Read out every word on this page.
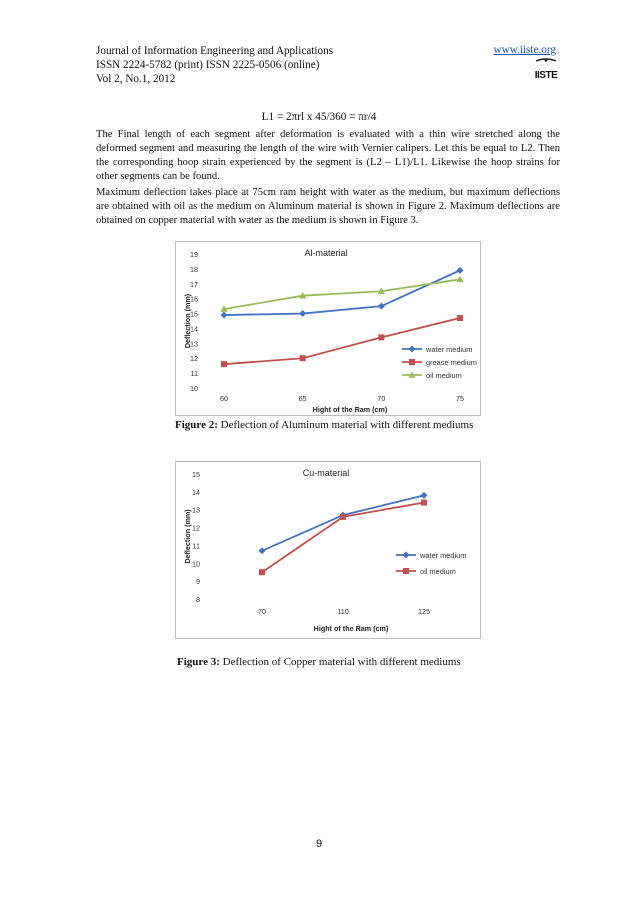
Journal of Information Engineering and Applications
ISSN 2224-5782 (print) ISSN 2225-0506 (online)
Vol 2, No.1, 2012
www.iiste.org
IISTE
L1 = 2πrl x 45/360 = πr/4
The Final length of each segment after deformation is evaluated with a thin wire stretched along the deformed segment and measuring the length of the wire with Vernier calipers. Let this be equal to L2. Then the corresponding hoop strain experienced by the segment is (L2 – L1)/L1. Likewise the hoop strains for other segments can be found.
Maximum deflection takes place at 75cm ram height with water as the medium, but maximum deflections are obtained with oil as the medium on Aluminum material is shown in Figure 2. Maximum deflections are obtained on copper material with water as the medium is shown in Figure 3.
10
11
12
13
14
15
16
17
18
19
60	65	70	75
Al-material
Hight of the Ram (cm)
Deflection (mm)
water medium
grease medium
oil medium
Figure 2: Deflection of Aluminum material with different mediums
8
9
10
11
12
13
14
15
70	110	125
Cu-material
Hight of the Ram (cm)
Deflection (mm)	water medium
oil medium
Figure 3: Deflection of Copper material with different mediums
9
